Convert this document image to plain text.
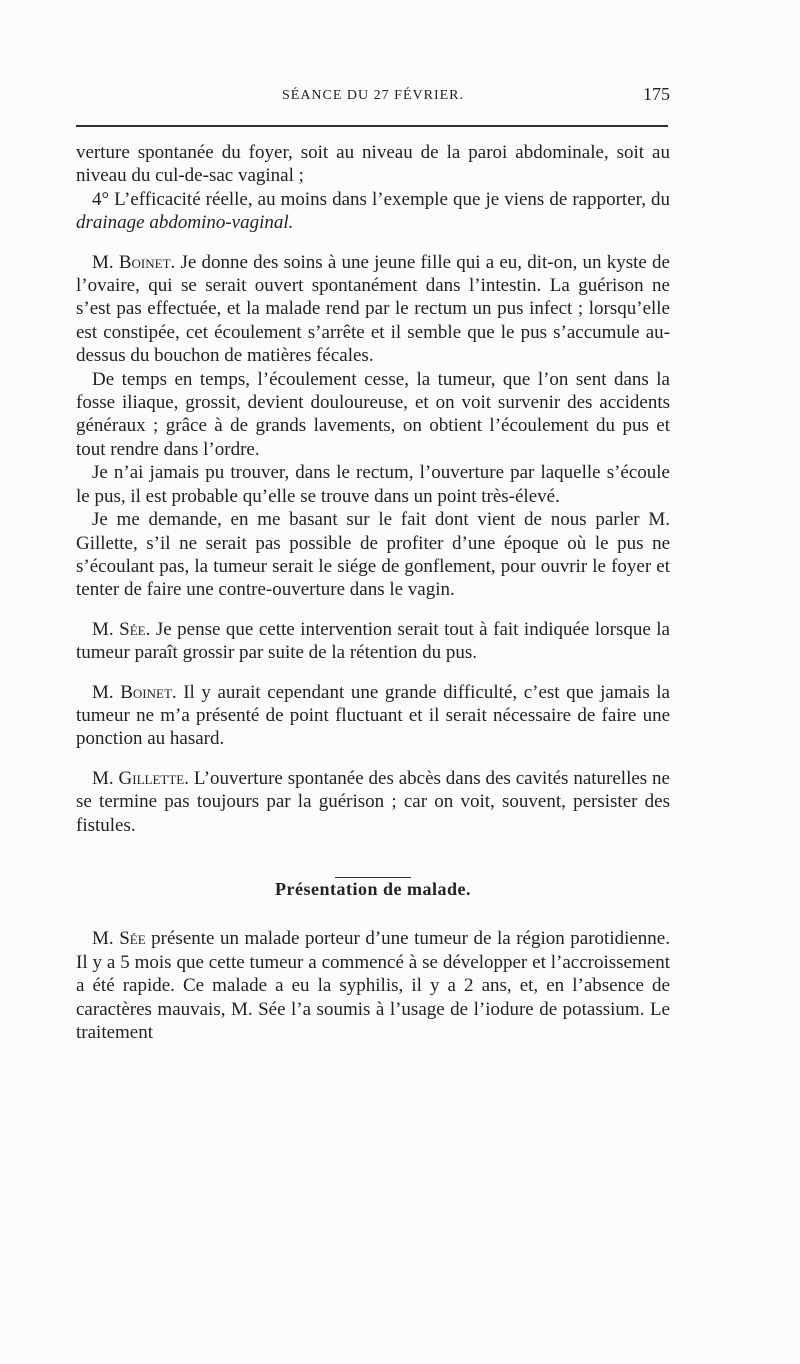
SÉANCE DU 27 FÉVRIER.	175

verture spontanée du foyer, soit au niveau de la paroi abdominale, soit au niveau du cul-de-sac vaginal ;

4° L’efficacité réelle, au moins dans l’exemple que je viens de rapporter, du drainage abdomino-vaginal.

M. Boinet. Je donne des soins à une jeune fille qui a eu, dit-on, un kyste de l’ovaire, qui se serait ouvert spontanément dans l’intestin. La guérison ne s’est pas effectuée, et la malade rend par le rectum un pus infect ; lorsqu’elle est constipée, cet écoulement s’arrête et il semble que le pus s’accumule au-dessus du bouchon de matières fécales.

De temps en temps, l’écoulement cesse, la tumeur, que l’on sent dans la fosse iliaque, grossit, devient douloureuse, et on voit survenir des accidents généraux ; grâce à de grands lavements, on obtient l’écoulement du pus et tout rendre dans l’ordre.

Je n’ai jamais pu trouver, dans le rectum, l’ouverture par laquelle s’écoule le pus, il est probable qu’elle se trouve dans un point très-élevé.

Je me demande, en me basant sur le fait dont vient de nous parler M. Gillette, s’il ne serait pas possible de profiter d’une époque où le pus ne s’écoulant pas, la tumeur serait le siége de gonflement, pour ouvrir le foyer et tenter de faire une contre-ouverture dans le vagin.

M. Sée. Je pense que cette intervention serait tout à fait indiquée lorsque la tumeur paraît grossir par suite de la rétention du pus.

M. Boinet. Il y aurait cependant une grande difficulté, c’est que jamais la tumeur ne m’a présenté de point fluctuant et il serait nécessaire de faire une ponction au hasard.

M. Gillette. L’ouverture spontanée des abcès dans des cavités naturelles ne se termine pas toujours par la guérison ; car on voit, souvent, persister des fistules.

Présentation de malade.

M. Sée présente un malade porteur d’une tumeur de la région parotidienne. Il y a 5 mois que cette tumeur a commencé à se développer et l’accroissement a été rapide. Ce malade a eu la syphilis, il y a 2 ans, et, en l’absence de caractères mauvais, M. Sée l’a soumis à l’usage de l’iodure de potassium. Le traitement
